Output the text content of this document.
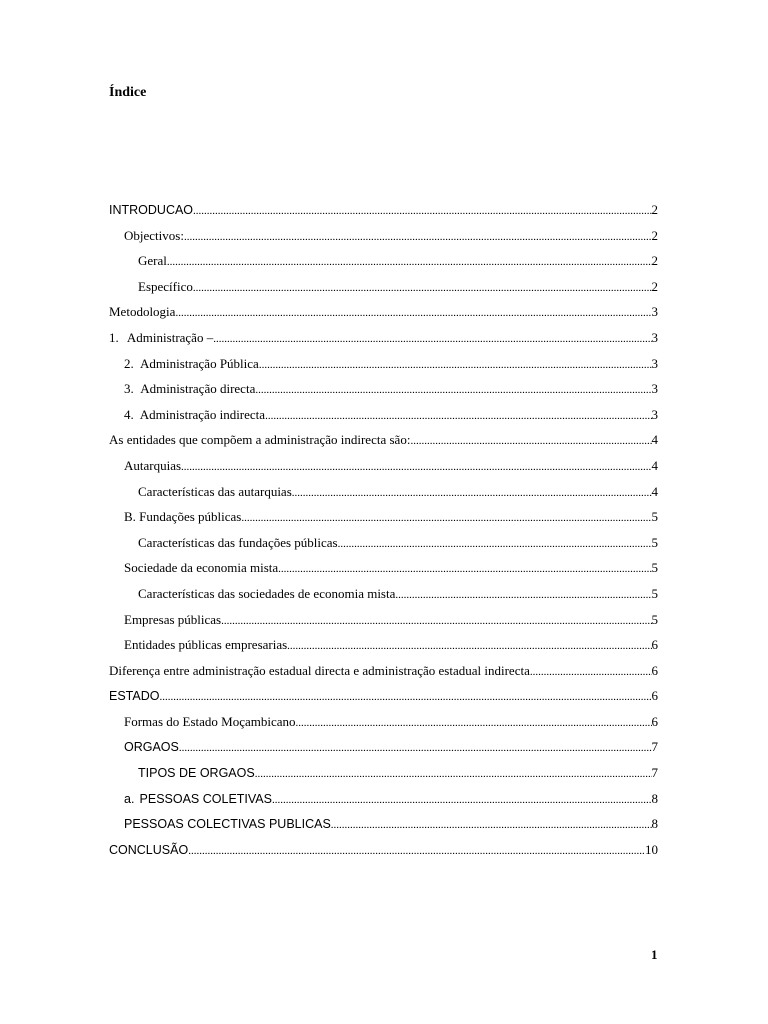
Índice
INTRODUCAO .....	2
Objectivos: .....	2
Geral .....	2
Específico .....	2
Metodologia .....	3
1. Administração – .....	3
2. Administração Pública .....	3
3. Administração directa .....	3
4. Administração indirecta .....	3
As entidades que compõem a administração indirecta são: .....	4
Autarquias .....	4
Características das autarquias .....	4
B. Fundações públicas .....	5
Características das fundações públicas .....	5
Sociedade da economia mista .....	5
Características das sociedades de economia mista .....	5
Empresas públicas .....	5
Entidades públicas empresarias .....	6
Diferença entre administração estadual directa e administração estadual indirecta .....	6
ESTADO .....	6
Formas do Estado Moçambicano .....	6
ORGAOS .....	7
TIPOS DE ORGAOS .....	7
a. PESSOAS COLETIVAS .....	8
PESSOAS COLECTIVAS PUBLICAS .....	8
CONCLUSÃO .....	10
1
